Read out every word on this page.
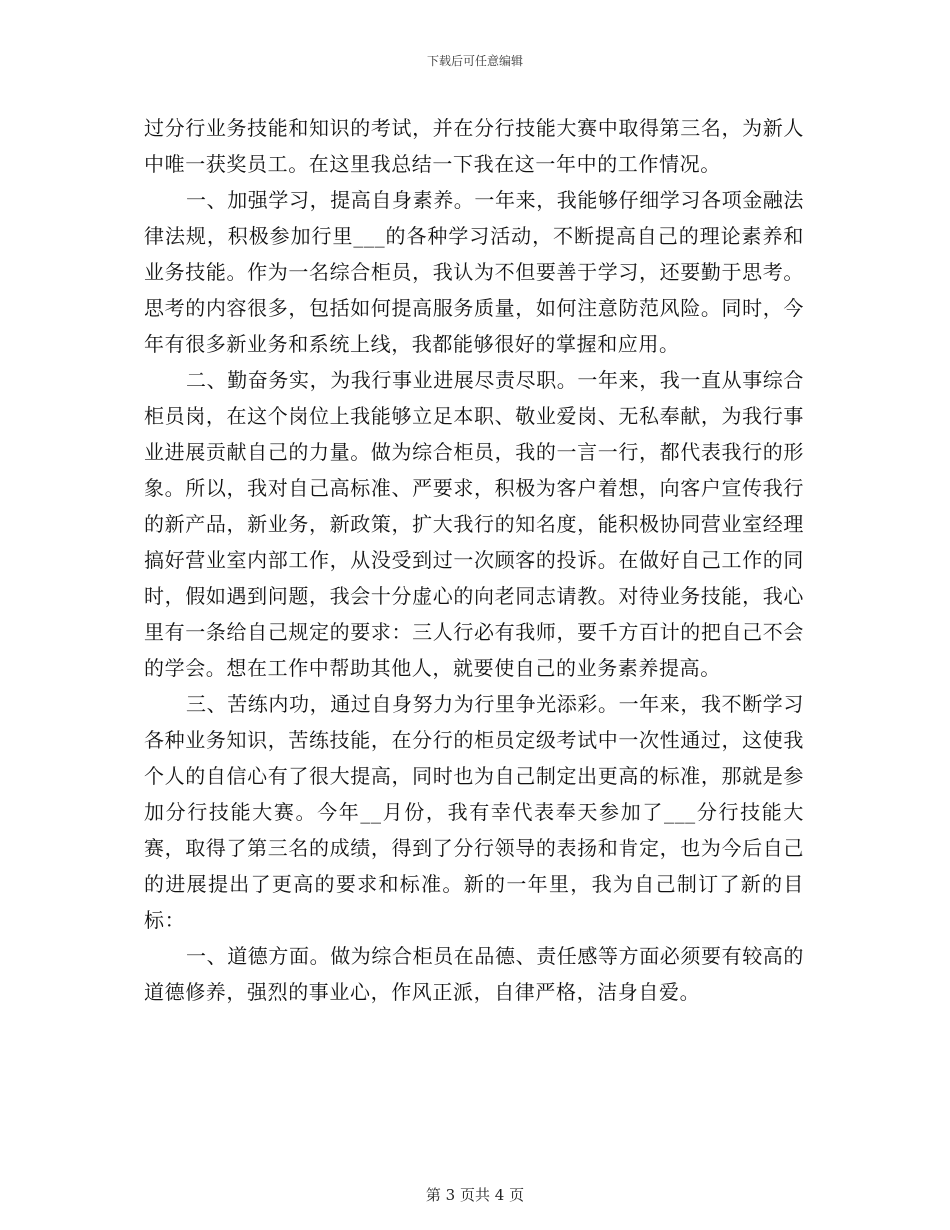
下载后可任意编辑

过分行业务技能和知识的考试，并在分行技能大赛中取得第三名，为新人中唯一获奖员工。在这里我总结一下我在这一年中的工作情况。

一、加强学习，提高自身素养。一年来，我能够仔细学习各项金融法律法规，积极参加行里___的各种学习活动，不断提高自己的理论素养和业务技能。作为一名综合柜员，我认为不但要善于学习，还要勤于思考。思考的内容很多，包括如何提高服务质量，如何注意防范风险。同时，今年有很多新业务和系统上线，我都能够很好的掌握和应用。

二、勤奋务实，为我行事业进展尽责尽职。一年来，我一直从事综合柜员岗，在这个岗位上我能够立足本职、敬业爱岗、无私奉献，为我行事业进展贡献自己的力量。做为综合柜员，我的一言一行，都代表我行的形象。所以，我对自己高标准、严要求，积极为客户着想，向客户宣传我行的新产品，新业务，新政策，扩大我行的知名度，能积极协同营业室经理搞好营业室内部工作，从没受到过一次顾客的投诉。在做好自己工作的同时，假如遇到问题，我会十分虚心的向老同志请教。对待业务技能，我心里有一条给自己规定的要求：三人行必有我师，要千方百计的把自己不会的学会。想在工作中帮助其他人，就要使自己的业务素养提高。

三、苦练内功，通过自身努力为行里争光添彩。一年来，我不断学习各种业务知识，苦练技能，在分行的柜员定级考试中一次性通过，这使我个人的自信心有了很大提高，同时也为自己制定出更高的标准，那就是参加分行技能大赛。今年__月份，我有幸代表奉天参加了___分行技能大赛，取得了第三名的成绩，得到了分行领导的表扬和肯定，也为今后自己的进展提出了更高的要求和标准。新的一年里，我为自己制订了新的目标：

一、道德方面。做为综合柜员在品德、责任感等方面必须要有较高的道德修养，强烈的事业心，作风正派，自律严格，洁身自爱。

第 3 页共 4 页
